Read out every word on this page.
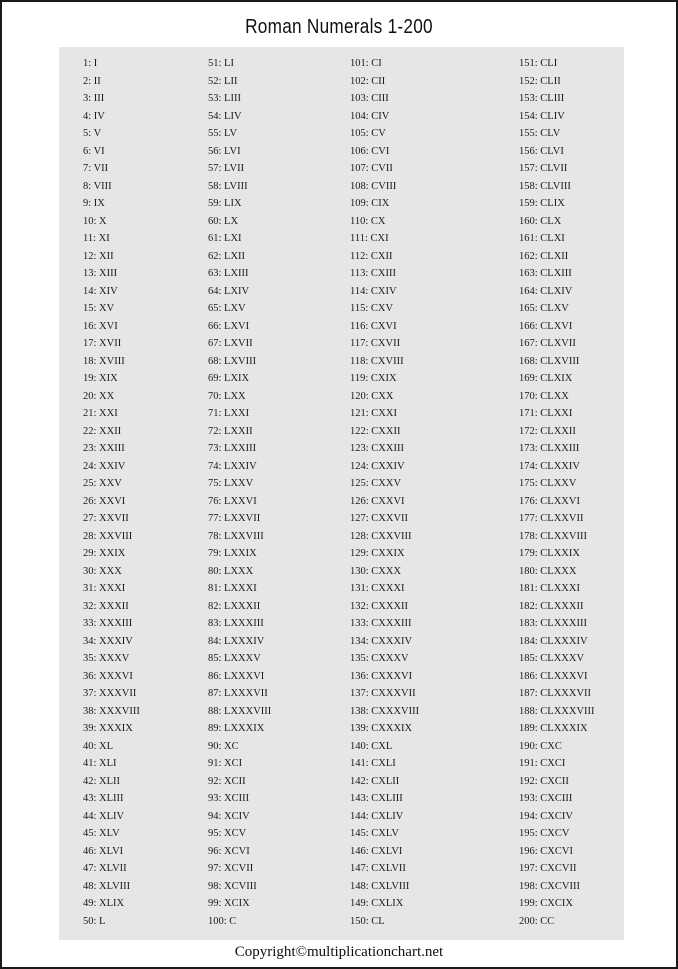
Roman Numerals 1-200
1: I
2: II
3: III
4: IV
5: V
6: VI
7: VII
8: VIII
9: IX
10: X
11: XI
12: XII
13: XIII
14: XIV
15: XV
16: XVI
17: XVII
18: XVIII
19: XIX
20: XX
21: XXI
22: XXII
23: XXIII
24: XXIV
25: XXV
26: XXVI
27: XXVII
28: XXVIII
29: XXIX
30: XXX
31: XXXI
32: XXXII
33: XXXIII
34: XXXIV
35: XXXV
36: XXXVI
37: XXXVII
38: XXXVIII
39: XXXIX
40: XL
41: XLI
42: XLII
43: XLIII
44: XLIV
45: XLV
46: XLVI
47: XLVII
48: XLVIII
49: XLIX
50: L
51: LI
52: LII
53: LIII
54: LIV
55: LV
56: LVI
57: LVII
58: LVIII
59: LIX
60: LX
61: LXI
62: LXII
63: LXIII
64: LXIV
65: LXV
66: LXVI
67: LXVII
68: LXVIII
69: LXIX
70: LXX
71: LXXI
72: LXXII
73: LXXIII
74: LXXIV
75: LXXV
76: LXXVI
77: LXXVII
78: LXXVIII
79: LXXIX
80: LXXX
81: LXXXI
82: LXXXII
83: LXXXIII
84: LXXXIV
85: LXXXV
86: LXXXVI
87: LXXXVII
88: LXXXVIII
89: LXXXIX
90: XC
91: XCI
92: XCII
93: XCIII
94: XCIV
95: XCV
96: XCVI
97: XCVII
98: XCVIII
99: XCIX
100: C
101: CI
102: CII
103: CIII
104: CIV
105: CV
106: CVI
107: CVII
108: CVIII
109: CIX
110: CX
111: CXI
112: CXII
113: CXIII
114: CXIV
115: CXV
116: CXVI
117: CXVII
118: CXVIII
119: CXIX
120: CXX
121: CXXI
122: CXXII
123: CXXIII
124: CXXIV
125: CXXV
126: CXXVI
127: CXXVII
128: CXXVIII
129: CXXIX
130: CXXX
131: CXXXI
132: CXXXII
133: CXXXIII
134: CXXXIV
135: CXXXV
136: CXXXVI
137: CXXXVII
138: CXXXVIII
139: CXXXIX
140: CXL
141: CXLI
142: CXLII
143: CXLIII
144: CXLIV
145: CXLV
146: CXLVI
147: CXLVII
148: CXLVIII
149: CXLIX
150: CL
151: CLI
152: CLII
153: CLIII
154: CLIV
155: CLV
156: CLVI
157: CLVII
158: CLVIII
159: CLIX
160: CLX
161: CLXI
162: CLXII
163: CLXIII
164: CLXIV
165: CLXV
166: CLXVI
167: CLXVII
168: CLXVIII
169: CLXIX
170: CLXX
171: CLXXI
172: CLXXII
173: CLXXIII
174: CLXXIV
175: CLXXV
176: CLXXVI
177: CLXXVII
178: CLXXVIII
179: CLXXIX
180: CLXXX
181: CLXXXI
182: CLXXXII
183: CLXXXIII
184: CLXXXIV
185: CLXXXV
186: CLXXXVI
187: CLXXXVII
188: CLXXXVIII
189: CLXXXIX
190: CXC
191: CXCI
192: CXCII
193: CXCIII
194: CXCIV
195: CXCV
196: CXCVI
197: CXCVII
198: CXCVIII
199: CXCIX
200: CC
Copyright©multiplicationchart.net
